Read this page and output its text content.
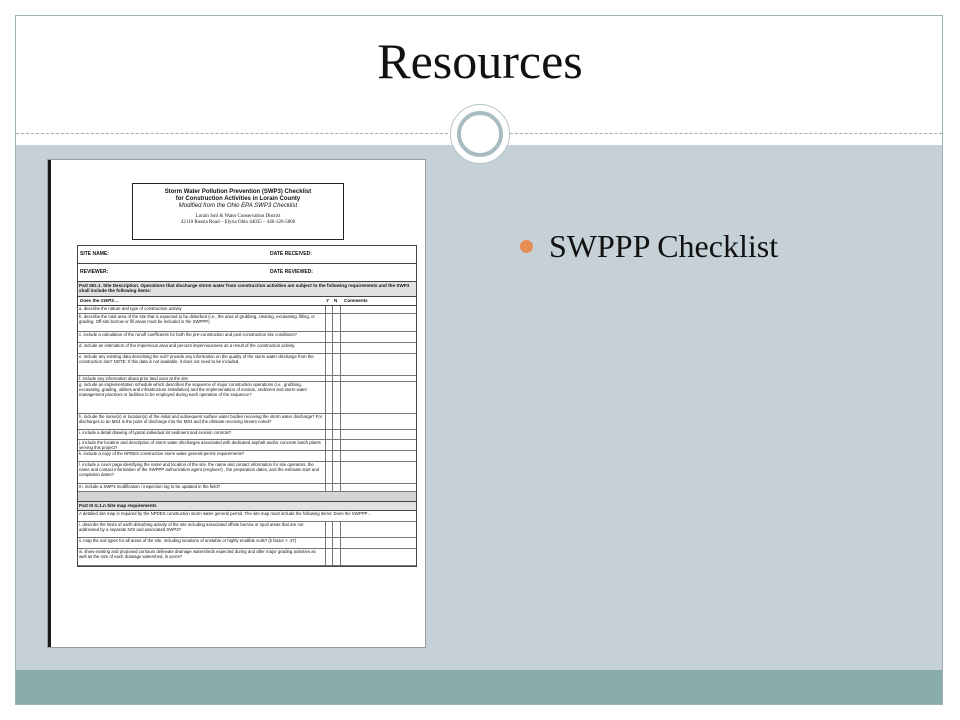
Resources
SWPPP Checklist
Storm Water Pollution Prevention (SWP3) Checklist
for Construction Activities in Lorain County
Modified from the Ohio EPA SWP3 Checklist
Lorain Soil & Water Conservation District
42110 Russia Road – Elyria Ohio 44035 – 440-326-5800
SITE NAME:	DATE RECEIVED:
REVIEWER:	DATE REVIEWED:
Part IIIG.1. Site Description. Operations that discharge storm water from construction activities are subject to the following requirements and the SWP3 shall include the following items:
Does the SWP3…	Y N Comments
a. describe the nature and type of construction activity
b. describe the total area of the site that is expected to be disturbed (i.e., the area of grubbing, clearing, excavating, filling, or grading. Off-site borrow or fill areas must be included in the SWPPP)
c. include a calculation of the runoff coefficients for both the pre-construction and post-construction site conditions?
d. include an estimation of the impervious area and percent imperviousness as a result of the construction activity.
e. include any existing data describing the soil? provide any information on the quality of the storm water discharge from the construction site? NOTE: If this data is not available, it does not need to be included.
f. include any information about prior land uses at the site
g. include an implementation schedule which describes the sequence of major construction operations (i.e., grubbing, excavating, grading, utilities and infrastructure installation) and the implementation of erosion, sediment and storm water management practices or facilities to be employed during each operation of the sequence?
h. include the name(s) or location(s) of the initial and subsequent surface water bodies receiving the storm water discharge? For discharges to an MS4 is the point of discharge into the MS4 and the ultimate receiving stream noted?
i. include a detail drawing of typical individual lot sediment and erosion controls?
j. include the location and description of storm water discharges associated with dedicated asphalt and/or concrete batch plants serving this project?
k. include a copy of the NPDES construction storm water general permit requirements?
l. include a cover page identifying the name and location of the site, the name and contact information for site operators, the name and contact information of the SWPPP authorization agent (engineer) , the preparation dates, and the estimate start and completion dates?
m. include a SWP3 modification / inspection log to be updated in the field?
Part III G.1.n Site map requirements
A detailed site map is required by the NPDES construction storm water general permit. The site map must include the following items: Does the SWPPP…
i. describe the limits of earth-disturbing activity of the site including associated offsite borrow or spoil areas that are not addressed by a separate NOI and associated SWP3?
ii. map the soil types for all areas of the site, including locations of unstable or highly erodible soils? (k factor > .37)
iii. show existing and proposed contours delineate drainage watersheds expected during and after major grading activities as well as the size of each drainage watershed, in acres?
